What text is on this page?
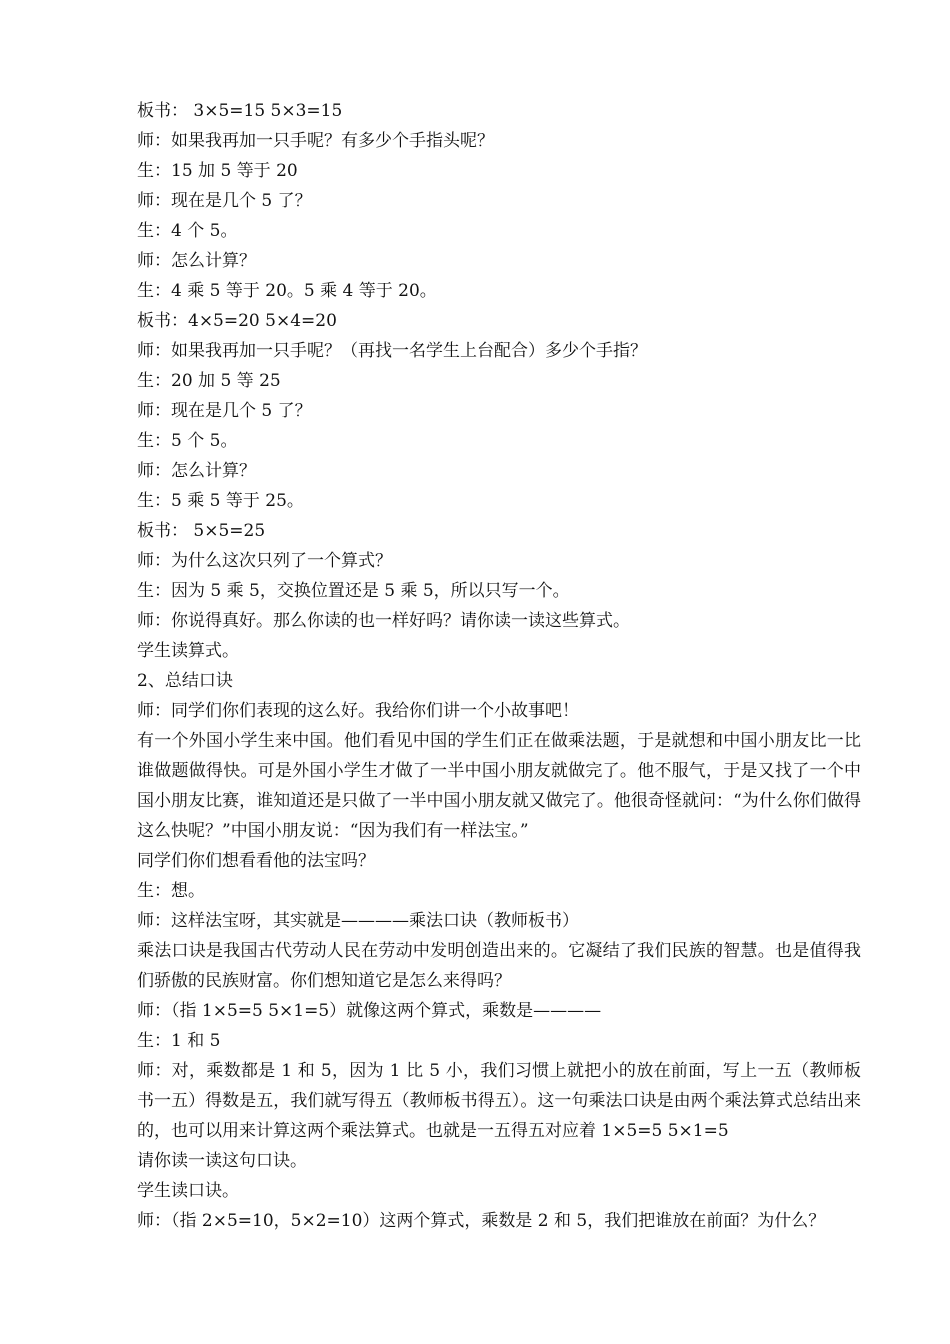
板书： 3×5=15 5×3=15
师：如果我再加一只手呢？有多少个手指头呢？
生：15 加 5 等于 20
师：现在是几个 5 了？
生：4 个 5。
师：怎么计算？
生：4 乘 5 等于 20。5 乘 4 等于 20。
板书：4×5=20 5×4=20
师：如果我再加一只手呢？（再找一名学生上台配合）多少个手指？
生：20 加 5 等 25
师：现在是几个 5 了？
生：5 个 5。
师：怎么计算？
生：5 乘 5 等于 25。
板书： 5×5=25
师：为什么这次只列了一个算式？
生：因为 5 乘 5，交换位置还是 5 乘 5，所以只写一个。
师：你说得真好。那么你读的也一样好吗？请你读一读这些算式。
学生读算式。
2、总结口诀
师：同学们你们表现的这么好。我给你们讲一个小故事吧！
有一个外国小学生来中国。他们看见中国的学生们正在做乘法题，于是就想和中国小朋友比一比谁做题做得快。可是外国小学生才做了一半中国小朋友就做完了。他不服气，于是又找了一个中国小朋友比赛，谁知道还是只做了一半中国小朋友就又做完了。他很奇怪就问：“为什么你们做得这么快呢？”中国小朋友说：“因为我们有一样法宝。”
同学们你们想看看他的法宝吗？
生：想。
师：这样法宝呀，其实就是————乘法口诀（教师板书）
乘法口诀是我国古代劳动人民在劳动中发明创造出来的。它凝结了我们民族的智慧。也是值得我们骄傲的民族财富。你们想知道它是怎么来得吗？
师：（指 1×5=5 5×1=5）就像这两个算式，乘数是————
生：1 和 5
师：对，乘数都是 1 和 5，因为 1 比 5 小，我们习惯上就把小的放在前面，写上一五（教师板书一五）得数是五，我们就写得五（教师板书得五）。这一句乘法口诀是由两个乘法算式总结出来的，也可以用来计算这两个乘法算式。也就是一五得五对应着 1×5=5 5×1=5
请你读一读这句口诀。
学生读口诀。
师：（指 2×5=10，5×2=10）这两个算式，乘数是 2 和 5，我们把谁放在前面？为什么？
